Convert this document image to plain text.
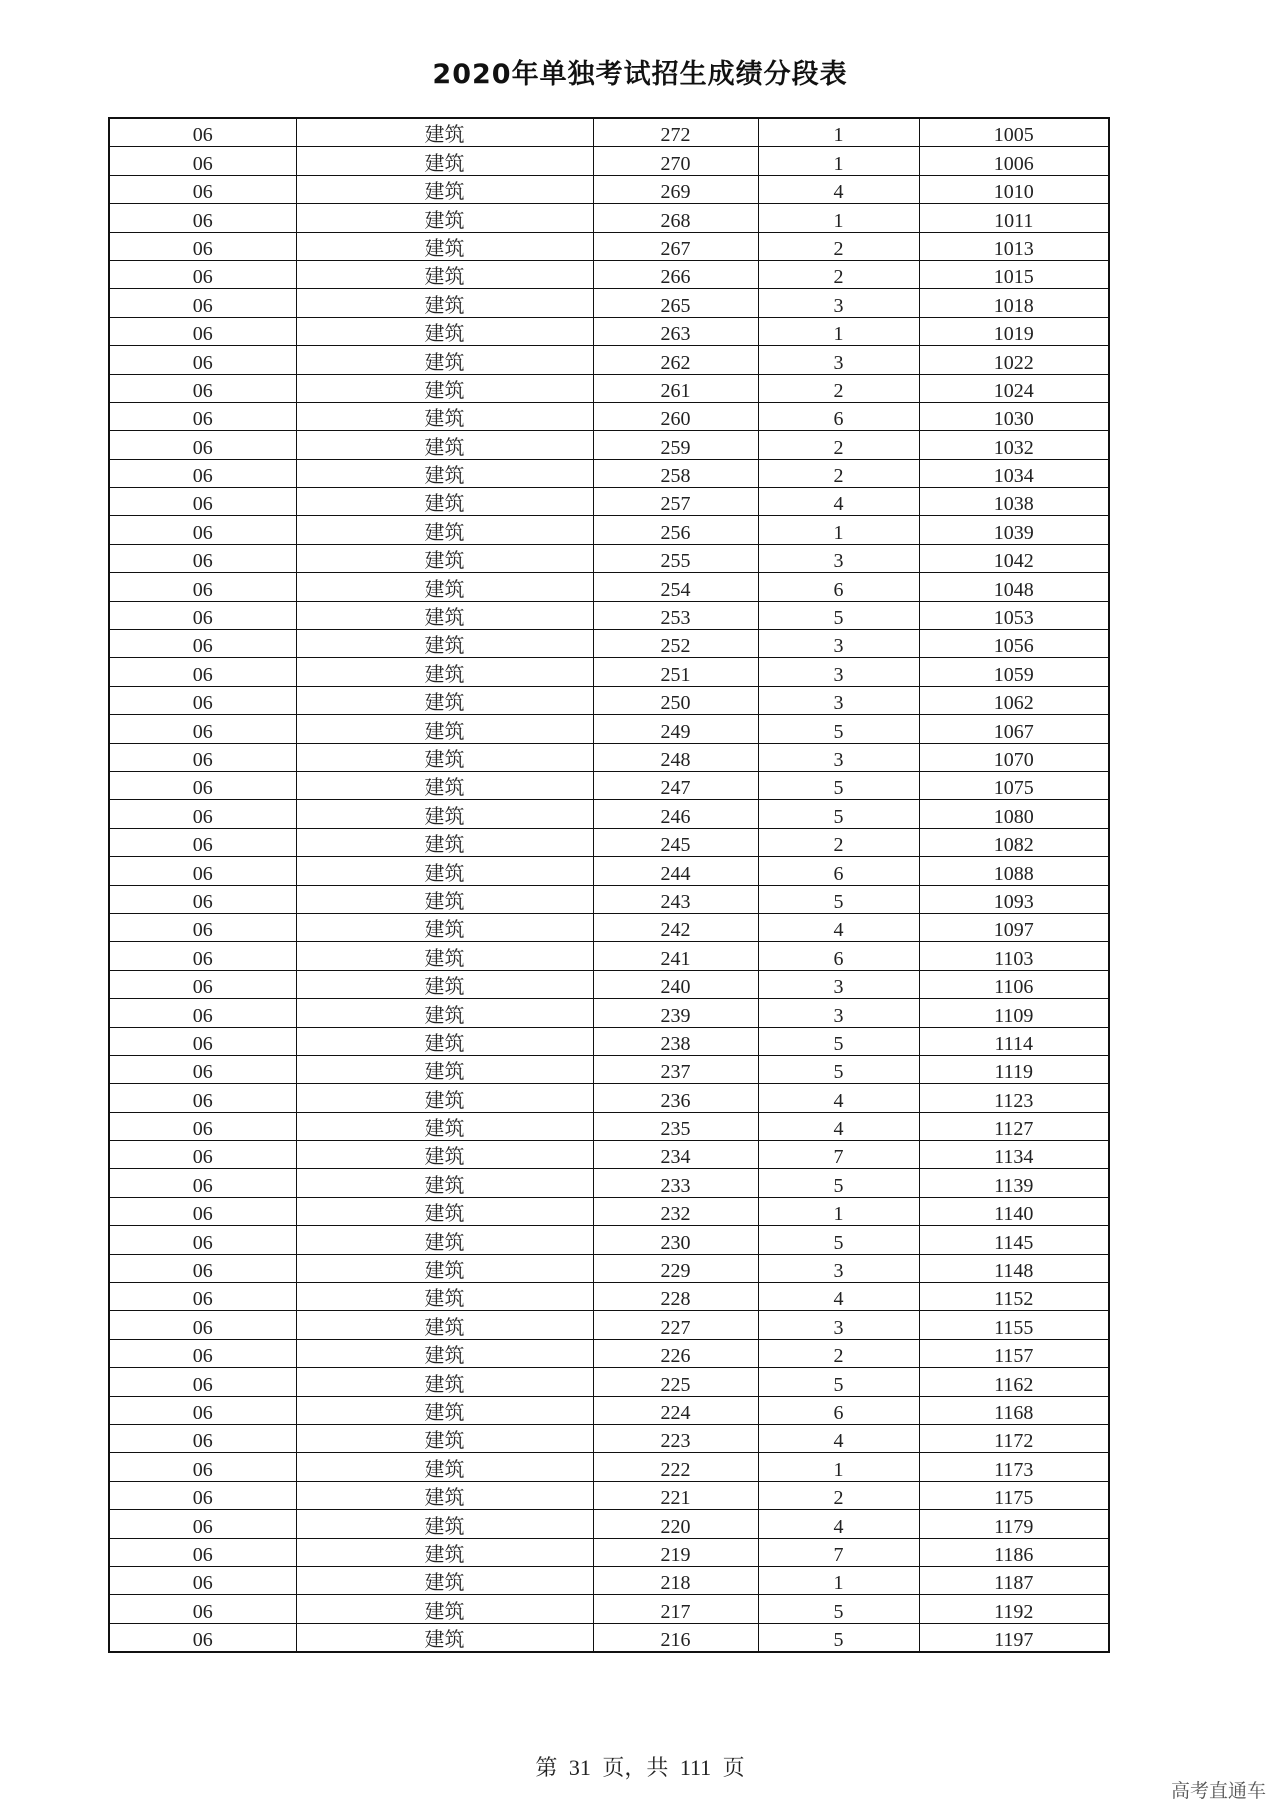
2020年单独考试招生成绩分段表
06	建筑	272	1	1005
06	建筑	270	1	1006
06	建筑	269	4	1010
06	建筑	268	1	1011
06	建筑	267	2	1013
06	建筑	266	2	1015
06	建筑	265	3	1018
06	建筑	263	1	1019
06	建筑	262	3	1022
06	建筑	261	2	1024
06	建筑	260	6	1030
06	建筑	259	2	1032
06	建筑	258	2	1034
06	建筑	257	4	1038
06	建筑	256	1	1039
06	建筑	255	3	1042
06	建筑	254	6	1048
06	建筑	253	5	1053
06	建筑	252	3	1056
06	建筑	251	3	1059
06	建筑	250	3	1062
06	建筑	249	5	1067
06	建筑	248	3	1070
06	建筑	247	5	1075
06	建筑	246	5	1080
06	建筑	245	2	1082
06	建筑	244	6	1088
06	建筑	243	5	1093
06	建筑	242	4	1097
06	建筑	241	6	1103
06	建筑	240	3	1106
06	建筑	239	3	1109
06	建筑	238	5	1114
06	建筑	237	5	1119
06	建筑	236	4	1123
06	建筑	235	4	1127
06	建筑	234	7	1134
06	建筑	233	5	1139
06	建筑	232	1	1140
06	建筑	230	5	1145
06	建筑	229	3	1148
06	建筑	228	4	1152
06	建筑	227	3	1155
06	建筑	226	2	1157
06	建筑	225	5	1162
06	建筑	224	6	1168
06	建筑	223	4	1172
06	建筑	222	1	1173
06	建筑	221	2	1175
06	建筑	220	4	1179
06	建筑	219	7	1186
06	建筑	218	1	1187
06	建筑	217	5	1192
06	建筑	216	5	1197
第 31 页，共 111 页
高考直通车
